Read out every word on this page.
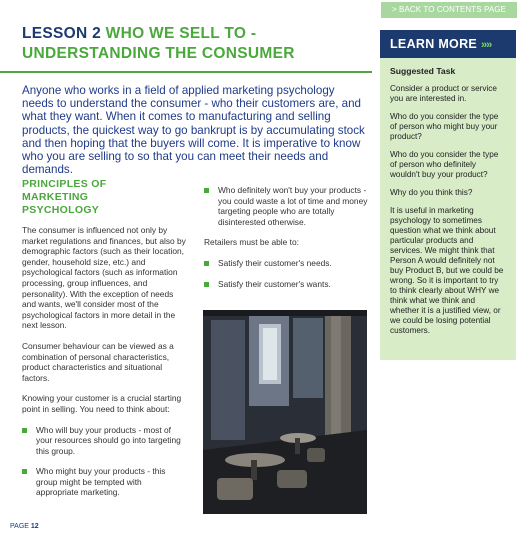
> BACK TO CONTENTS PAGE
LESSON 2 WHO WE SELL TO - UNDERSTANDING THE CONSUMER

Anyone who works in a field of applied marketing psychology needs to understand the consumer - who their customers are, and what they want. When it comes to manufacturing and selling products, the quickest way to go bankrupt is by accumulating stock and then hoping that the buyers will come. It is imperative to know who you are selling to so that you can meet their needs and demands.

PRINCIPLES OF MARKETING PSYCHOLOGY

The consumer is influenced not only by market regulations and finances, but also by demographic factors (such as their location, gender, household size, etc.) and psychological factors (such as information processing, group influences, and personality). With the exception of needs and wants, we'll consider most of the psychological factors in more detail in the next lesson.

Consumer behaviour can be viewed as a combination of personal characteristics, product characteristics and situational factors.

Knowing your customer is a crucial starting point in selling. You need to think about:

Who will buy your products - most of your resources should go into targeting this group.
Who might buy your products - this group might be tempted with appropriate marketing.
Who definitely won't buy your products - you could waste a lot of time and money targeting people who are totally disinterested otherwise.

Retailers must be able to:

Satisfy their customer's needs.
Satisfy their customer's wants.
LEARN MORE »»
Suggested Task

Consider a product or service you are interested in.

Who do you consider the type of person who might buy your product?

Who do you consider the type of person who definitely wouldn't buy your product?

Why do you think this?

It is useful in marketing psychology to sometimes question what we think about particular products and services. We might think that Person A would definitely not buy Product B, but we could be wrong. So it is important to try to think clearly about WHY we think what we think and whether it is a justified view, or we could be losing potential customers.

PAGE 12
